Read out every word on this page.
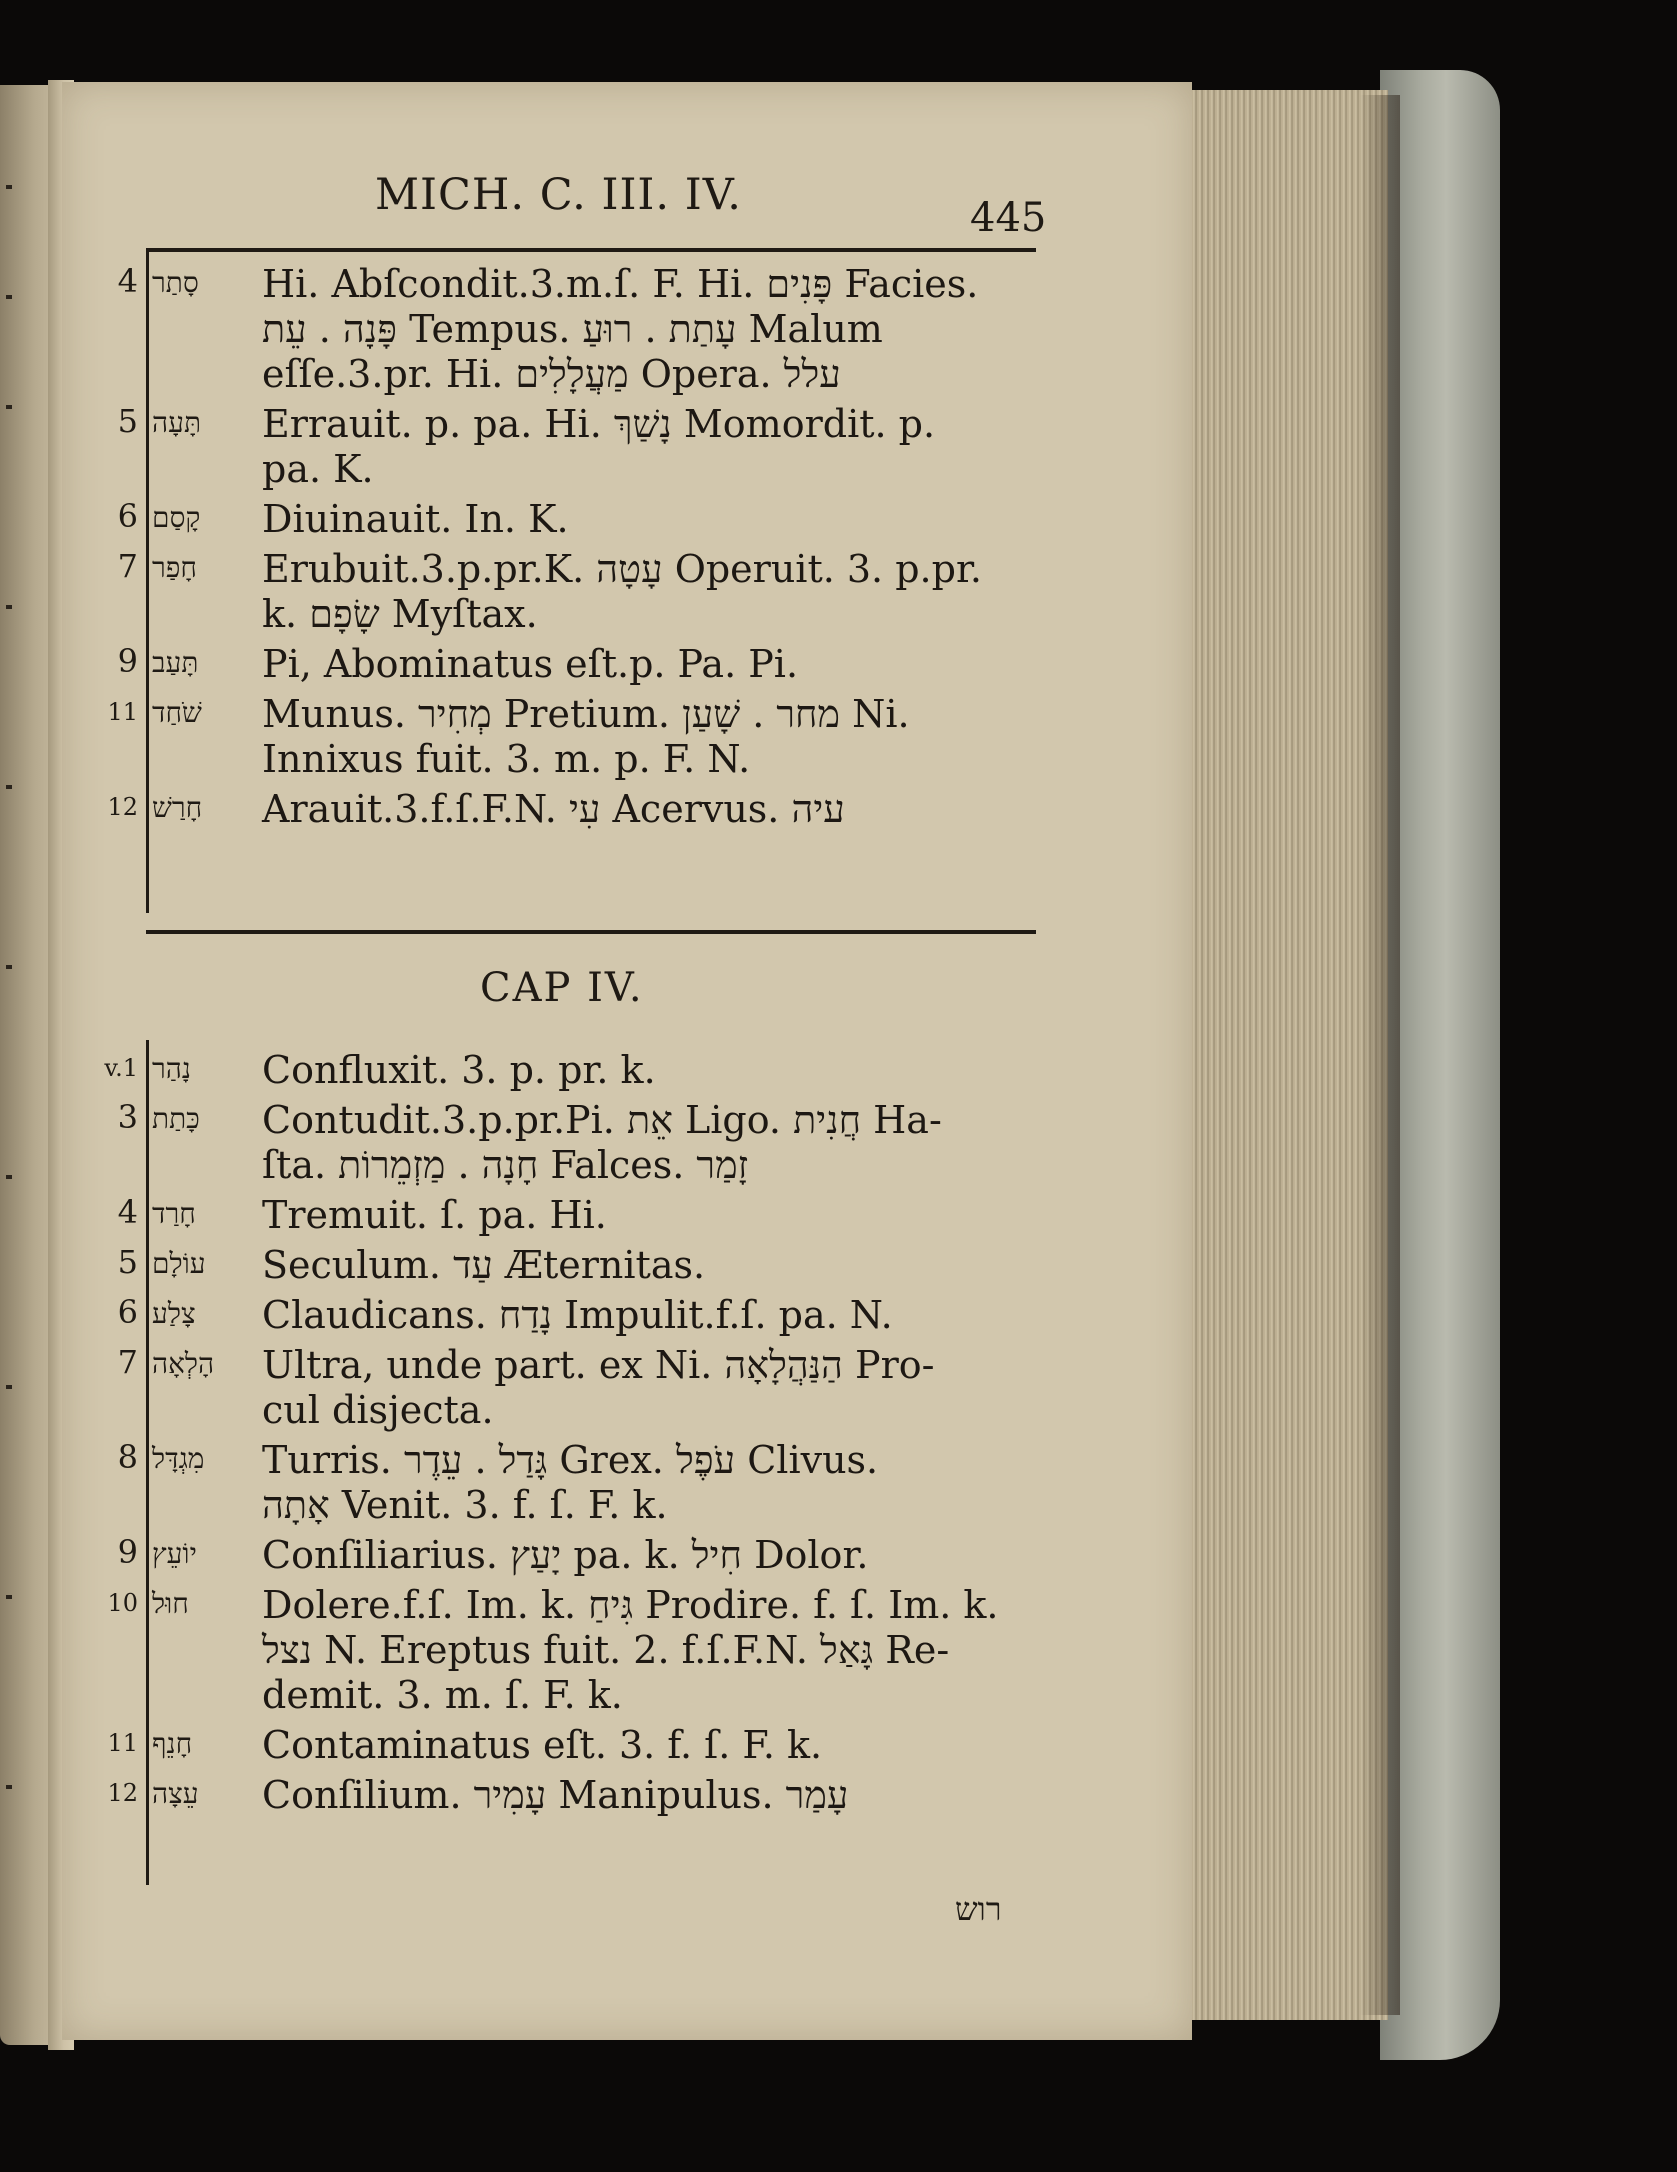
MICH. C. III. IV.	445
CAP IV.
4 סָתַר	Hi. Abſcondit.3.m.ſ. F. Hi. פָּנִים Facies.
פָּנָה . עֵת Tempus. עָתַת . רוּעַ Malum
eſſe.3.pr. Hi. מַעֲלָלִים Opera. עלל
5 תָּעָה	Errauit. p. pa. Hi. נָשַׁךְ Momordit. p.
pa. K.
6 קָסַם	Diuinauit. In. K.
7 חָפַר	Erubuit.3.p.pr.K. עָטָה Operuit. 3. p.pr.
k. שָׂפָם Myſtax.
9 תָּעַב	Pi, Abominatus eſt.p. Pa. Pi.
11 שֹׁחַד	Munus. מְחִיר Pretium. מחר . שָׁעַן Ni.
Innixus fuit. 3. m. p. F. N.
12 חָרַשׁ	Arauit.3.f.ſ.F.N. עִי Acervus. עיה
v.1 נָהַר	Confluxit. 3. p. pr. k.
3 כָּתַת	Contudit.3.p.pr.Pi. אֵת Ligo. חֲנִית Ha-
ſta. חָנָה . מַזְמֵרוֹת Falces. זָמַר
4 חָרַד	Tremuit. ſ. pa. Hi.
5 עוֹלָם	Seculum. עַד Æternitas.
6 צָלַע	Claudicans. נָדַח Impulit.f.ſ. pa. N.
7 הָלְאָה	Ultra, unde part. ex Ni. הַנַּהֲלָאָה Pro-
cul disjecta.
8 מִגְדָּל	Turris. גָּדַל . עֵדֶר Grex. עֹפֶל Clivus.
אָתָה Venit. 3. f. ſ. F. k.
9 יוֹעֵץ	Conſiliarius. יָעַץ pa. k. חִיל Dolor.
10 חוּל	Dolere.f.ſ. Im. k. גִּיחַ Prodire. f. ſ. Im. k.
נצל N. Ereptus fuit. 2. f.ſ.F.N. גָּאַל Re-
demit. 3. m. ſ. F. k.
11 חָנֵף	Contaminatus eſt. 3. f. ſ. F. k.
12 עֵצָה	Conſilium. עָמִיר Manipulus. עָמַר
רוש
